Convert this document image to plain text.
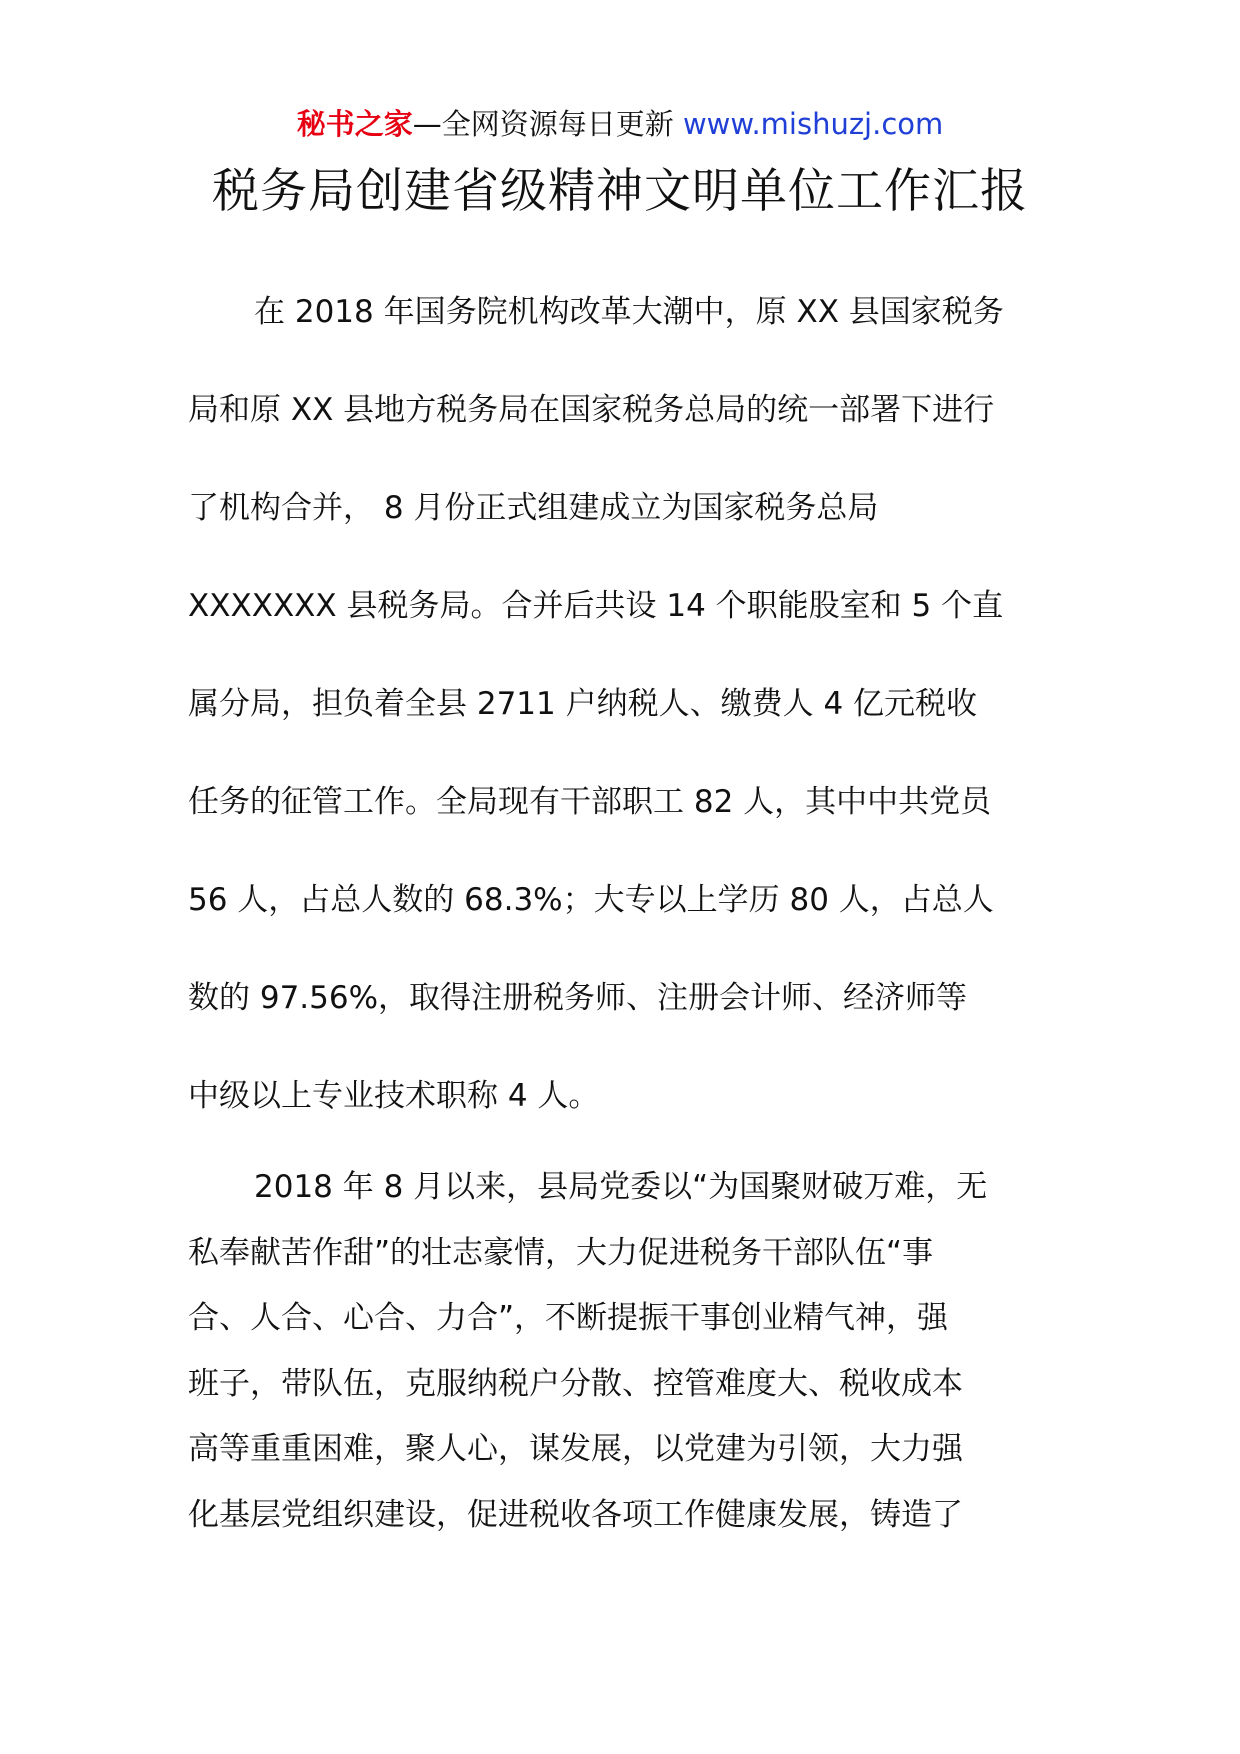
秘书之家—全网资源每日更新 www.mishuzj.com
税务局创建省级精神文明单位工作汇报
在 2018 年国务院机构改革大潮中，原 XX 县国家税务
局和原 XX 县地方税务局在国家税务总局的统一部署下进行
了机构合并， 8 月份正式组建成立为国家税务总局
XXXXXXX 县税务局。合并后共设 14 个职能股室和 5 个直
属分局，担负着全县 2711 户纳税人、缴费人 4 亿元税收
任务的征管工作。全局现有干部职工 82 人，其中中共党员
56 人，占总人数的 68.3%；大专以上学历 80 人，占总人
数的 97.56%，取得注册税务师、注册会计师、经济师等
中级以上专业技术职称 4 人。
2018 年 8 月以来，县局党委以“为国聚财破万难，无
私奉献苦作甜”的壮志豪情，大力促进税务干部队伍“事
合、人合、心合、力合”，不断提振干事创业精气神，强
班子，带队伍，克服纳税户分散、控管难度大、税收成本
高等重重困难，聚人心，谋发展，以党建为引领，大力强
化基层党组织建设，促进税收各项工作健康发展，铸造了
